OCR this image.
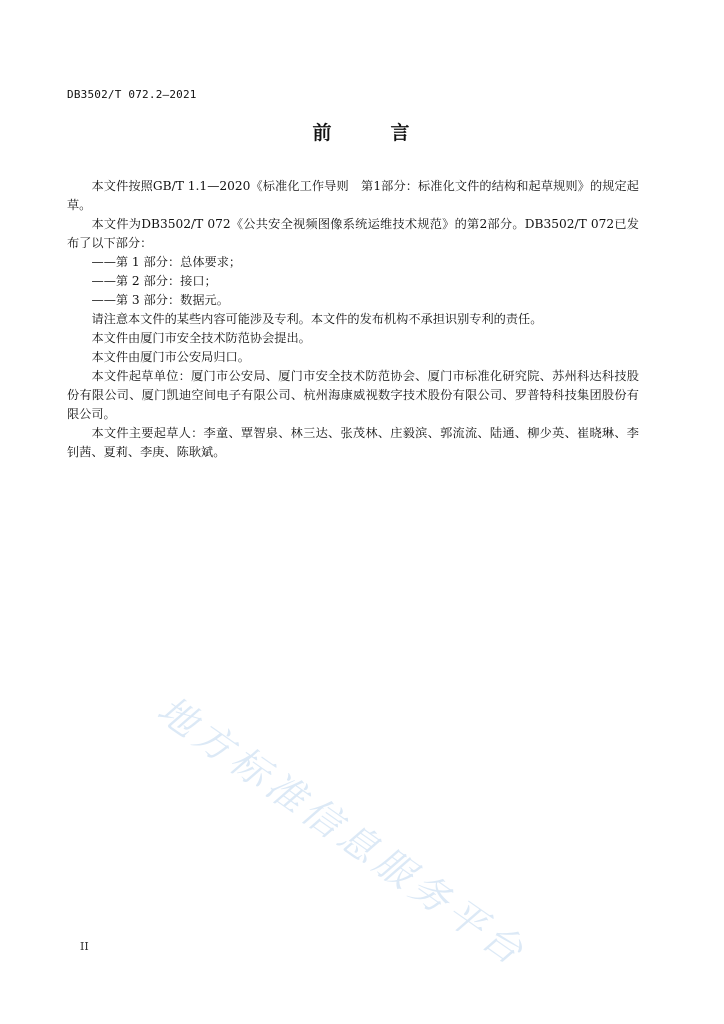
DB3502/T 072.2—2021
前　言

本文件按照GB/T 1.1—2020《标准化工作导则　第1部分：标准化文件的结构和起草规则》的规定起草。

本文件为DB3502/T 072《公共安全视频图像系统运维技术规范》的第2部分。DB3502/T 072已发布了以下部分：

——第 1 部分：总体要求；

——第 2 部分：接口；

——第 3 部分：数据元。

请注意本文件的某些内容可能涉及专利。本文件的发布机构不承担识别专利的责任。

本文件由厦门市安全技术防范协会提出。

本文件由厦门市公安局归口。

本文件起草单位：厦门市公安局、厦门市安全技术防范协会、厦门市标准化研究院、苏州科达科技股份有限公司、厦门凯迪空间电子有限公司、杭州海康威视数字技术股份有限公司、罗普特科技集团股份有限公司。

本文件主要起草人：李童、覃智泉、林三达、张茂林、庄毅滨、郭流流、陆通、柳少英、崔晓琳、李钊茜、夏莉、李庚、陈耿斌。

地方标准信息服务平台
II
